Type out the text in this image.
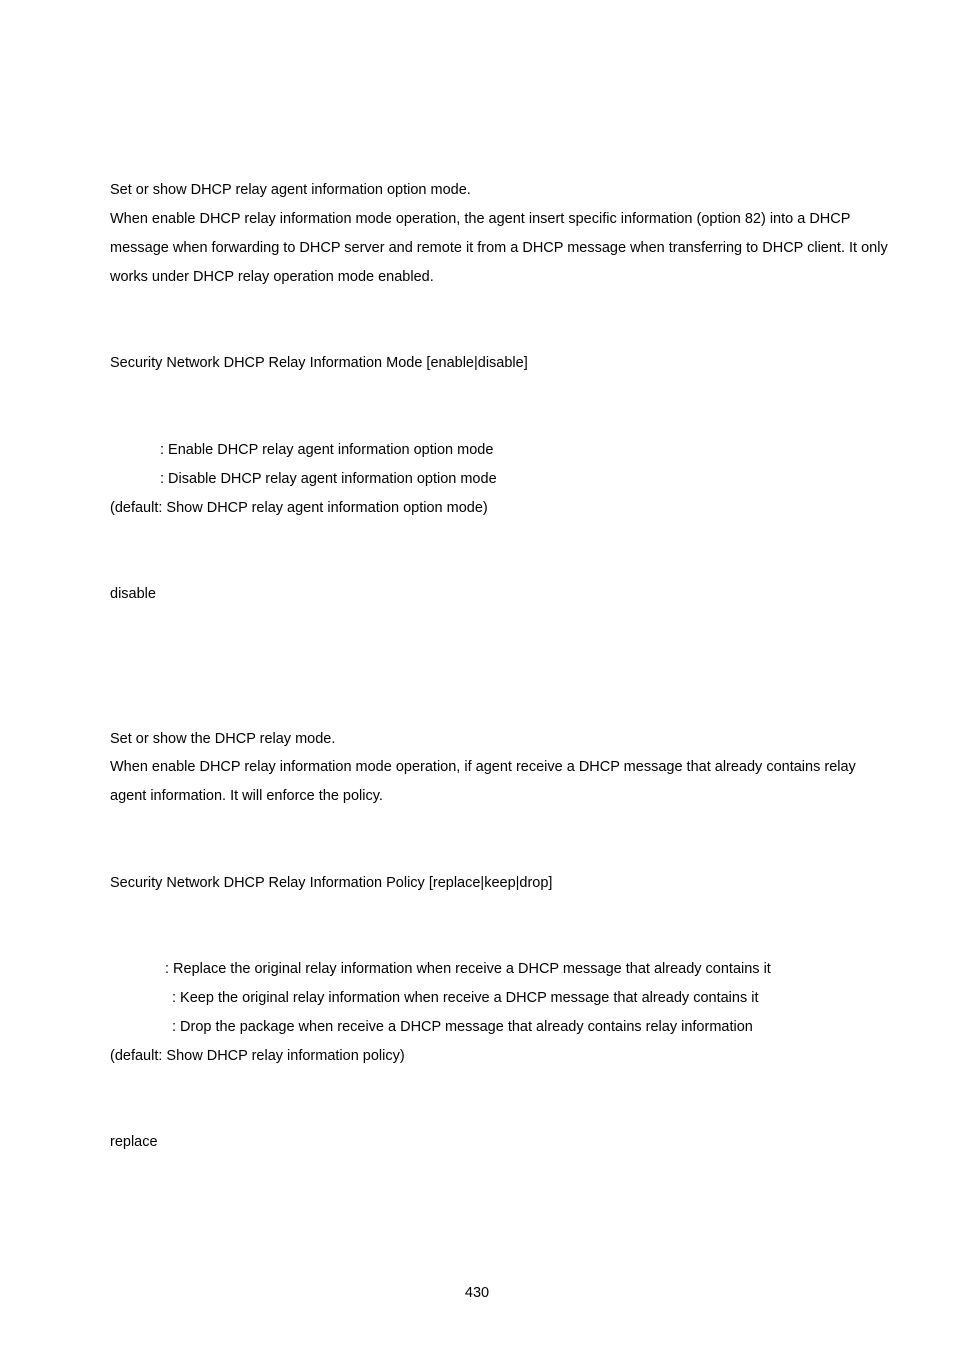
Set or show DHCP relay agent information option mode.
When enable DHCP relay information mode operation, the agent insert specific information (option 82) into a DHCP
message when forwarding to DHCP server and remote it from a DHCP message when transferring to DHCP client. It only
works under DHCP relay operation mode enabled.
Security Network DHCP Relay Information Mode [enable|disable]
: Enable DHCP relay agent information option mode
: Disable DHCP relay agent information option mode
(default: Show DHCP relay agent information option mode)
disable
Set or show the DHCP relay mode.
When enable DHCP relay information mode operation, if agent receive a DHCP message that already contains relay
agent information. It will enforce the policy.
Security Network DHCP Relay Information Policy [replace|keep|drop]
: Replace the original relay information when receive a DHCP message that already contains it
: Keep the original relay information when receive a DHCP message that already contains it
: Drop the package when receive a DHCP message that already contains relay information
(default: Show DHCP relay information policy)
replace
430
